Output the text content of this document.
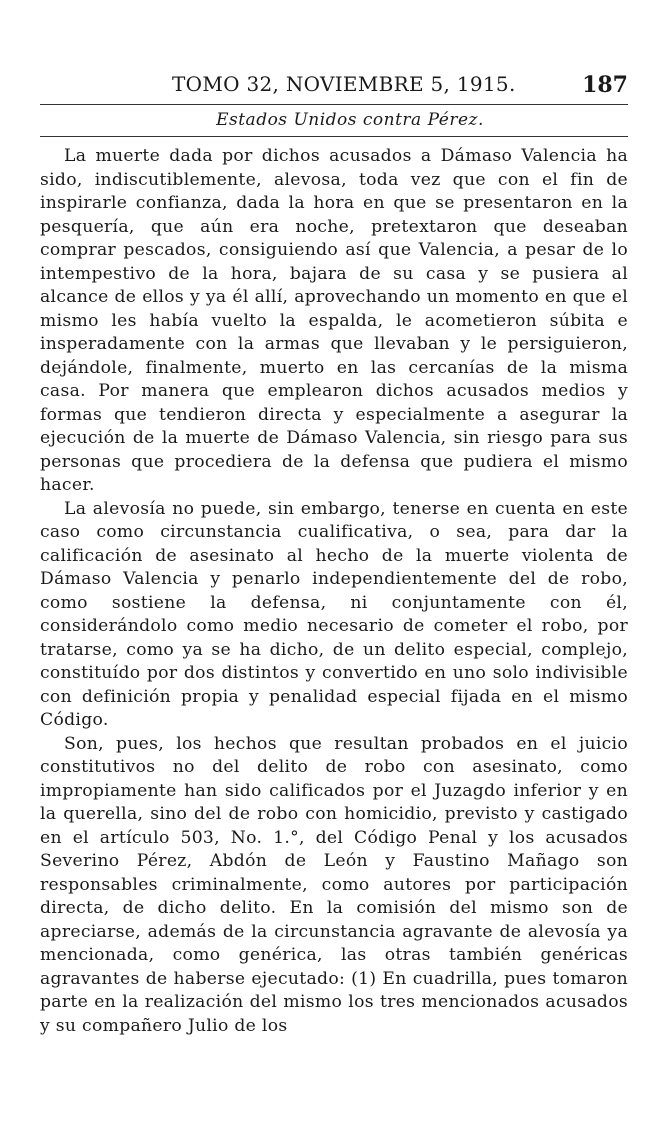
TOMO 32, NOVIEMBRE 5, 1915.	187
Estados Unidos contra Pérez.

La muerte dada por dichos acusados a Dámaso Valencia ha sido, indiscutiblemente, alevosa, toda vez que con el fin de inspirarle confianza, dada la hora en que se presentaron en la pesquería, que aún era noche, pretextaron que deseaban comprar pescados, consiguiendo así que Valencia, a pesar de lo intempestivo de la hora, bajara de su casa y se pusiera al alcance de ellos y ya él allí, aprovechando un momento en que el mismo les había vuelto la espalda, le acometieron súbita e insperadamente con la armas que llevaban y le persiguieron, dejándole, finalmente, muerto en las cercanías de la misma casa. Por manera que emplearon dichos acusados medios y formas que tendieron directa y especialmente a asegurar la ejecución de la muerte de Dámaso Valencia, sin riesgo para sus personas que procediera de la defensa que pudiera el mismo hacer.

La alevosía no puede, sin embargo, tenerse en cuenta en este caso como circunstancia cualificativa, o sea, para dar la calificación de asesinato al hecho de la muerte violenta de Dámaso Valencia y penarlo independientemente del de robo, como sostiene la defensa, ni conjuntamente con él, considerándolo como medio necesario de cometer el robo, por tratarse, como ya se ha dicho, de un delito especial, complejo, constituído por dos distintos y convertido en uno solo indivisible con definición propia y penalidad especial fijada en el mismo Código.

Son, pues, los hechos que resultan probados en el juicio constitutivos no del delito de robo con asesinato, como impropiamente han sido calificados por el Juzagdo inferior y en la querella, sino del de robo con homicidio, previsto y castigado en el artículo 503, No. 1.°, del Código Penal y los acusados Severino Pérez, Abdón de León y Faustino Mañago son responsables criminalmente, como autores por participación directa, de dicho delito. En la comisión del mismo son de apreciarse, además de la circunstancia agravante de alevosía ya mencionada, como genérica, las otras también genéricas agravantes de haberse ejecutado: (1) En cuadrilla, pues tomaron parte en la realización del mismo los tres mencionados acusados y su compañero Julio de los
